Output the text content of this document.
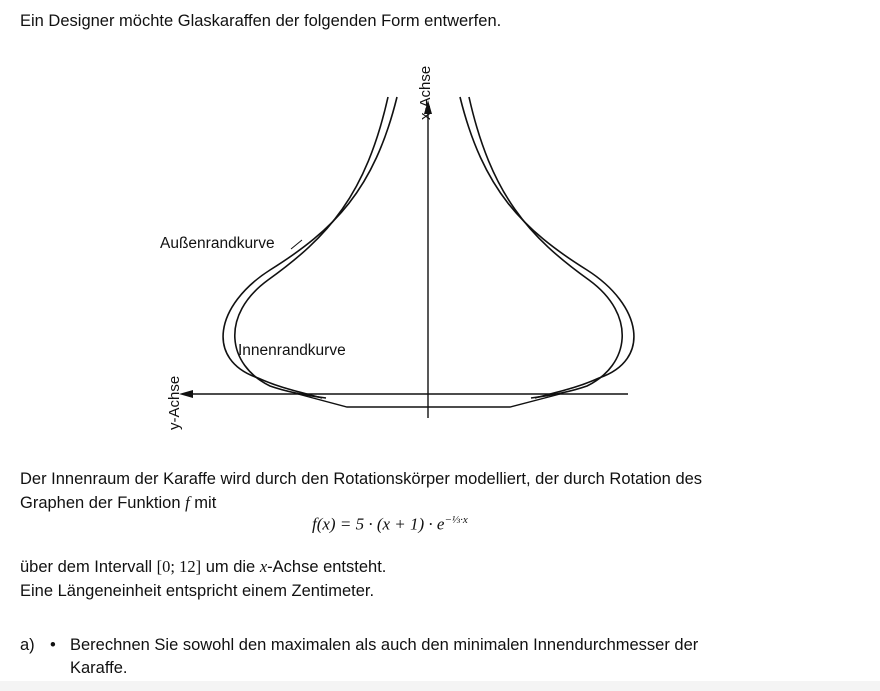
Ein Designer möchte Glaskaraffen der folgenden Form entwerfen.
x-Achse
y-Achse
Außenrandkurve
Innenrandkurve
Der Innenraum der Karaffe wird durch den Rotationskörper modelliert, der durch Rotation des
Graphen der Funktion f mit
$f(x) = 5 \cdot (x + 1) \cdot e^{-\frac{1}{3}\cdot x}$
über dem Intervall [0; 12] um die x-Achse entsteht.
Eine Längeneinheit entspricht einem Zentimeter.
a) • Berechnen Sie sowohl den maximalen als auch den minimalen Innendurchmesser der
Karaffe.
